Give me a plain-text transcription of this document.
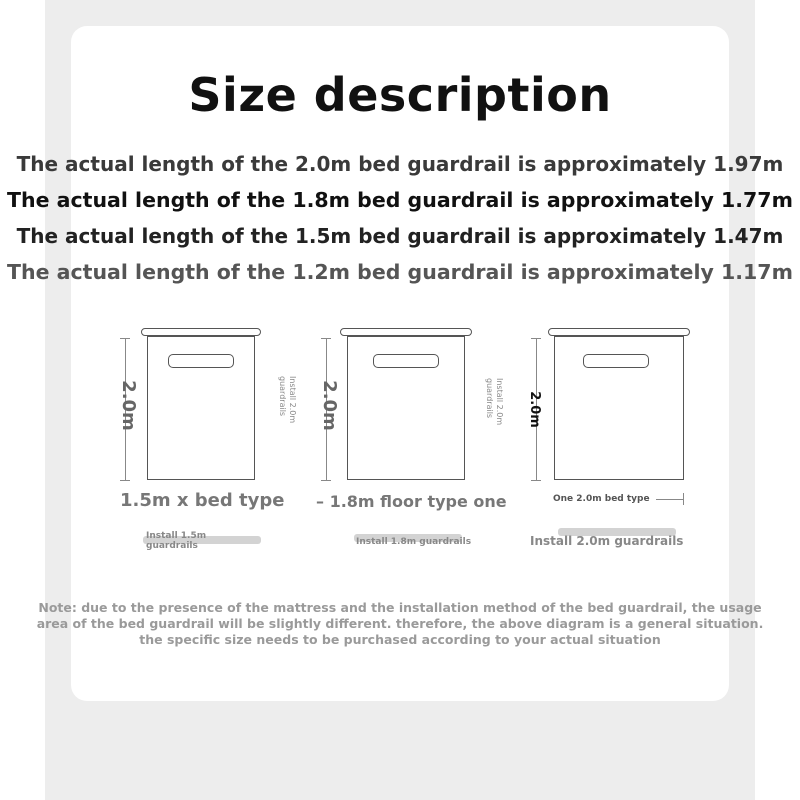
Size description
The actual length of the 2.0m bed guardrail is approximately 1.97m
The actual length of the 1.8m bed guardrail is approximately 1.77m
The actual length of the 1.5m bed guardrail is approximately 1.47m
The actual length of the 1.2m bed guardrail is approximately 1.17m
2.0m	Install 2.0m
guardrails
1.5m x bed type
Install 1.5m
guardrails
2.0m	Install 2.0m
guardrails
– 1.8m floor type one
Install 1.8m guardrails
2.0m
One 2.0m bed type
Install 2.0m guardrails
Note: due to the presence of the mattress and the installation method of the bed guardrail, the usage
area of the bed guardrail will be slightly different. therefore, the above diagram is a general situation.
the specific size needs to be purchased according to your actual situation
